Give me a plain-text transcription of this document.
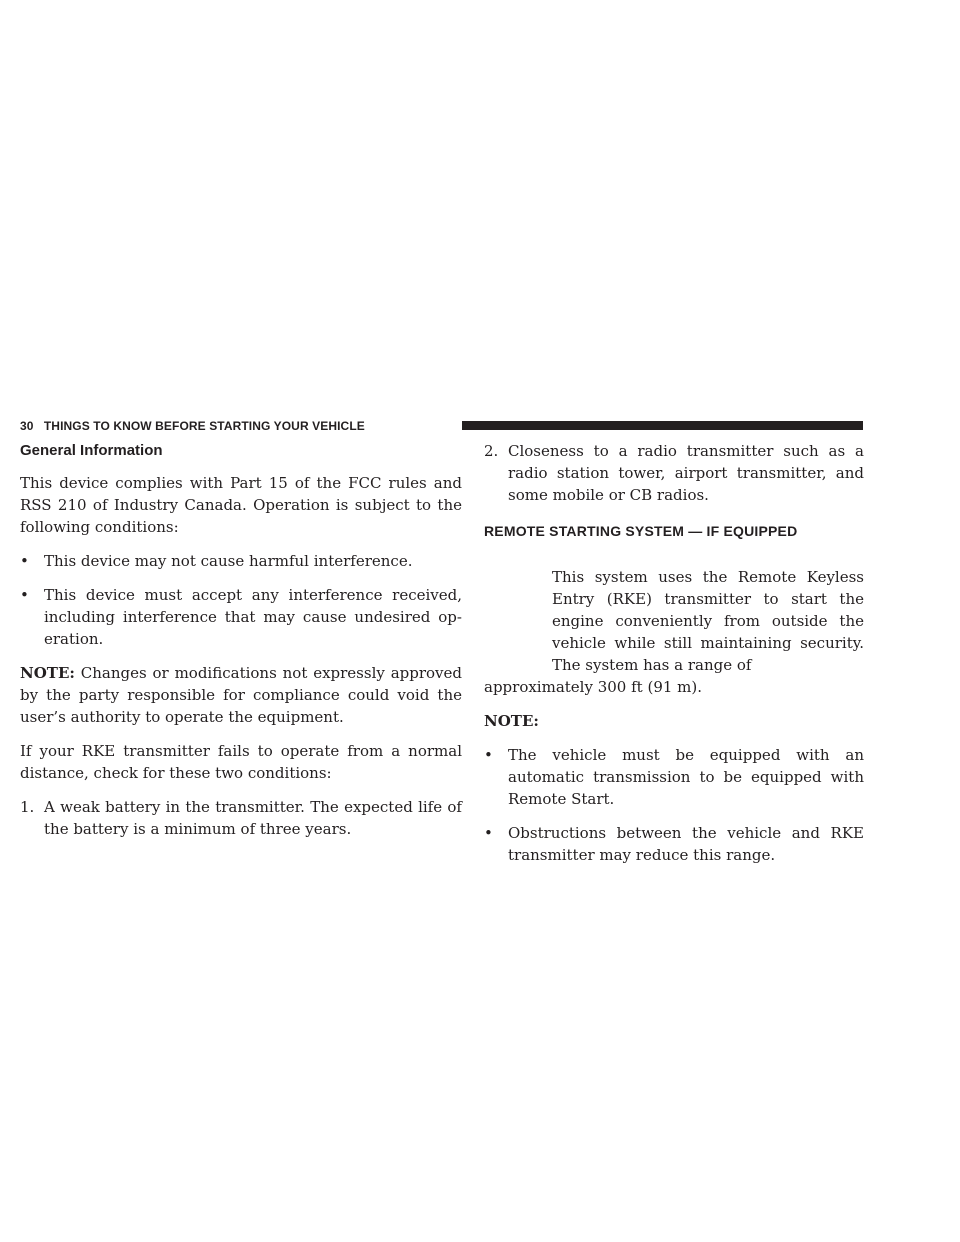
30 THINGS TO KNOW BEFORE STARTING YOUR VEHICLE
General Information

This device complies with Part 15 of the FCC rules and RSS 210 of Industry Canada. Operation is subject to the following conditions:

• This device may not cause harmful interference.
• This device must accept any interference received, including interference that may cause undesired operation.

NOTE: Changes or modifications not expressly approved by the party responsible for compliance could void the user’s authority to operate the equipment.

If your RKE transmitter fails to operate from a normal distance, check for these two conditions:

1. A weak battery in the transmitter. The expected life of the battery is a minimum of three years.
2. Closeness to a radio transmitter such as a radio station tower, airport transmitter, and some mobile or CB radios.
REMOTE STARTING SYSTEM — IF EQUIPPED
This system uses the Remote Keyless Entry (RKE) transmitter to start the engine conveniently from outside the vehicle while still maintaining security. The system has a range of
approximately 300 ft (91 m).
NOTE:
• The vehicle must be equipped with an automatic transmission to be equipped with Remote Start.
• Obstructions between the vehicle and RKE transmitter may reduce this range.
